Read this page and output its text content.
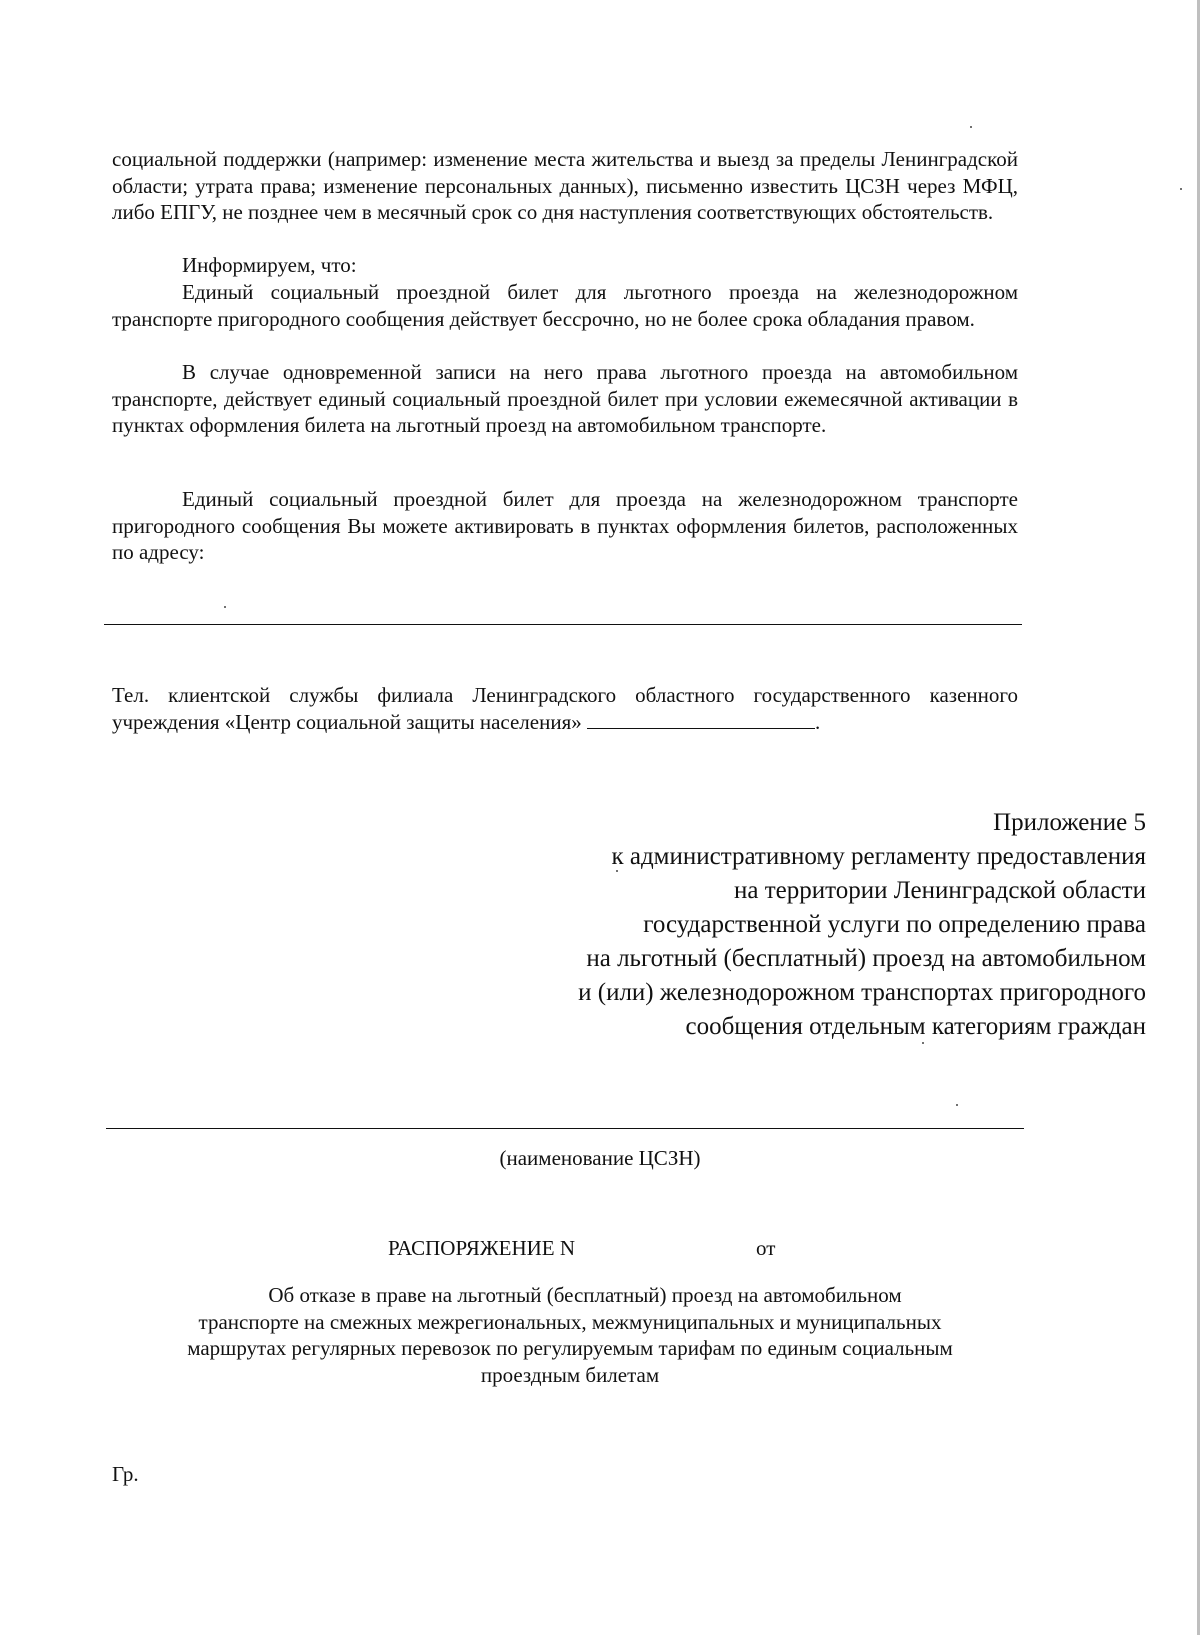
социальной поддержки (например: изменение места жительства и выезд за пределы Ленинградской области; утрата права; изменение персональных данных), письменно известить ЦСЗН через МФЦ, либо ЕПГУ, не позднее чем в месячный срок со дня наступления соответствующих обстоятельств.

Информируем, что:

Единый социальный проездной билет для льготного проезда на железнодорожном транспорте пригородного сообщения действует бессрочно, но не более срока обладания правом.

В случае одновременной записи на него права льготного проезда на автомобильном транспорте, действует единый социальный проездной билет при условии ежемесячной активации в пунктах оформления билета на льготный проезд на автомобильном транспорте.

Единый социальный проездной билет для проезда на железнодорожном транспорте пригородного сообщения Вы можете активировать в пунктах оформления билетов, расположенных по адресу:

Тел. клиентской службы филиала Ленинградского областного государственного казенного учреждения «Центр социальной защиты населения»	.

Приложение 5
к административному регламенту предоставления
на территории Ленинградской области
государственной услуги по определению права
на льготный (бесплатный) проезд на автомобильном
и (или) железнодорожном транспортах пригородного
сообщения отдельным категориям граждан
(наименование ЦСЗН)
РАСПОРЯЖЕНИЕ N	от
Об отказе в праве на льготный (бесплатный) проезд на автомобильном
транспорте на смежных межрегиональных, межмуниципальных и муниципальных
маршрутах регулярных перевозок по регулируемым тарифам по единым социальным
проездным билетам
Гр.
